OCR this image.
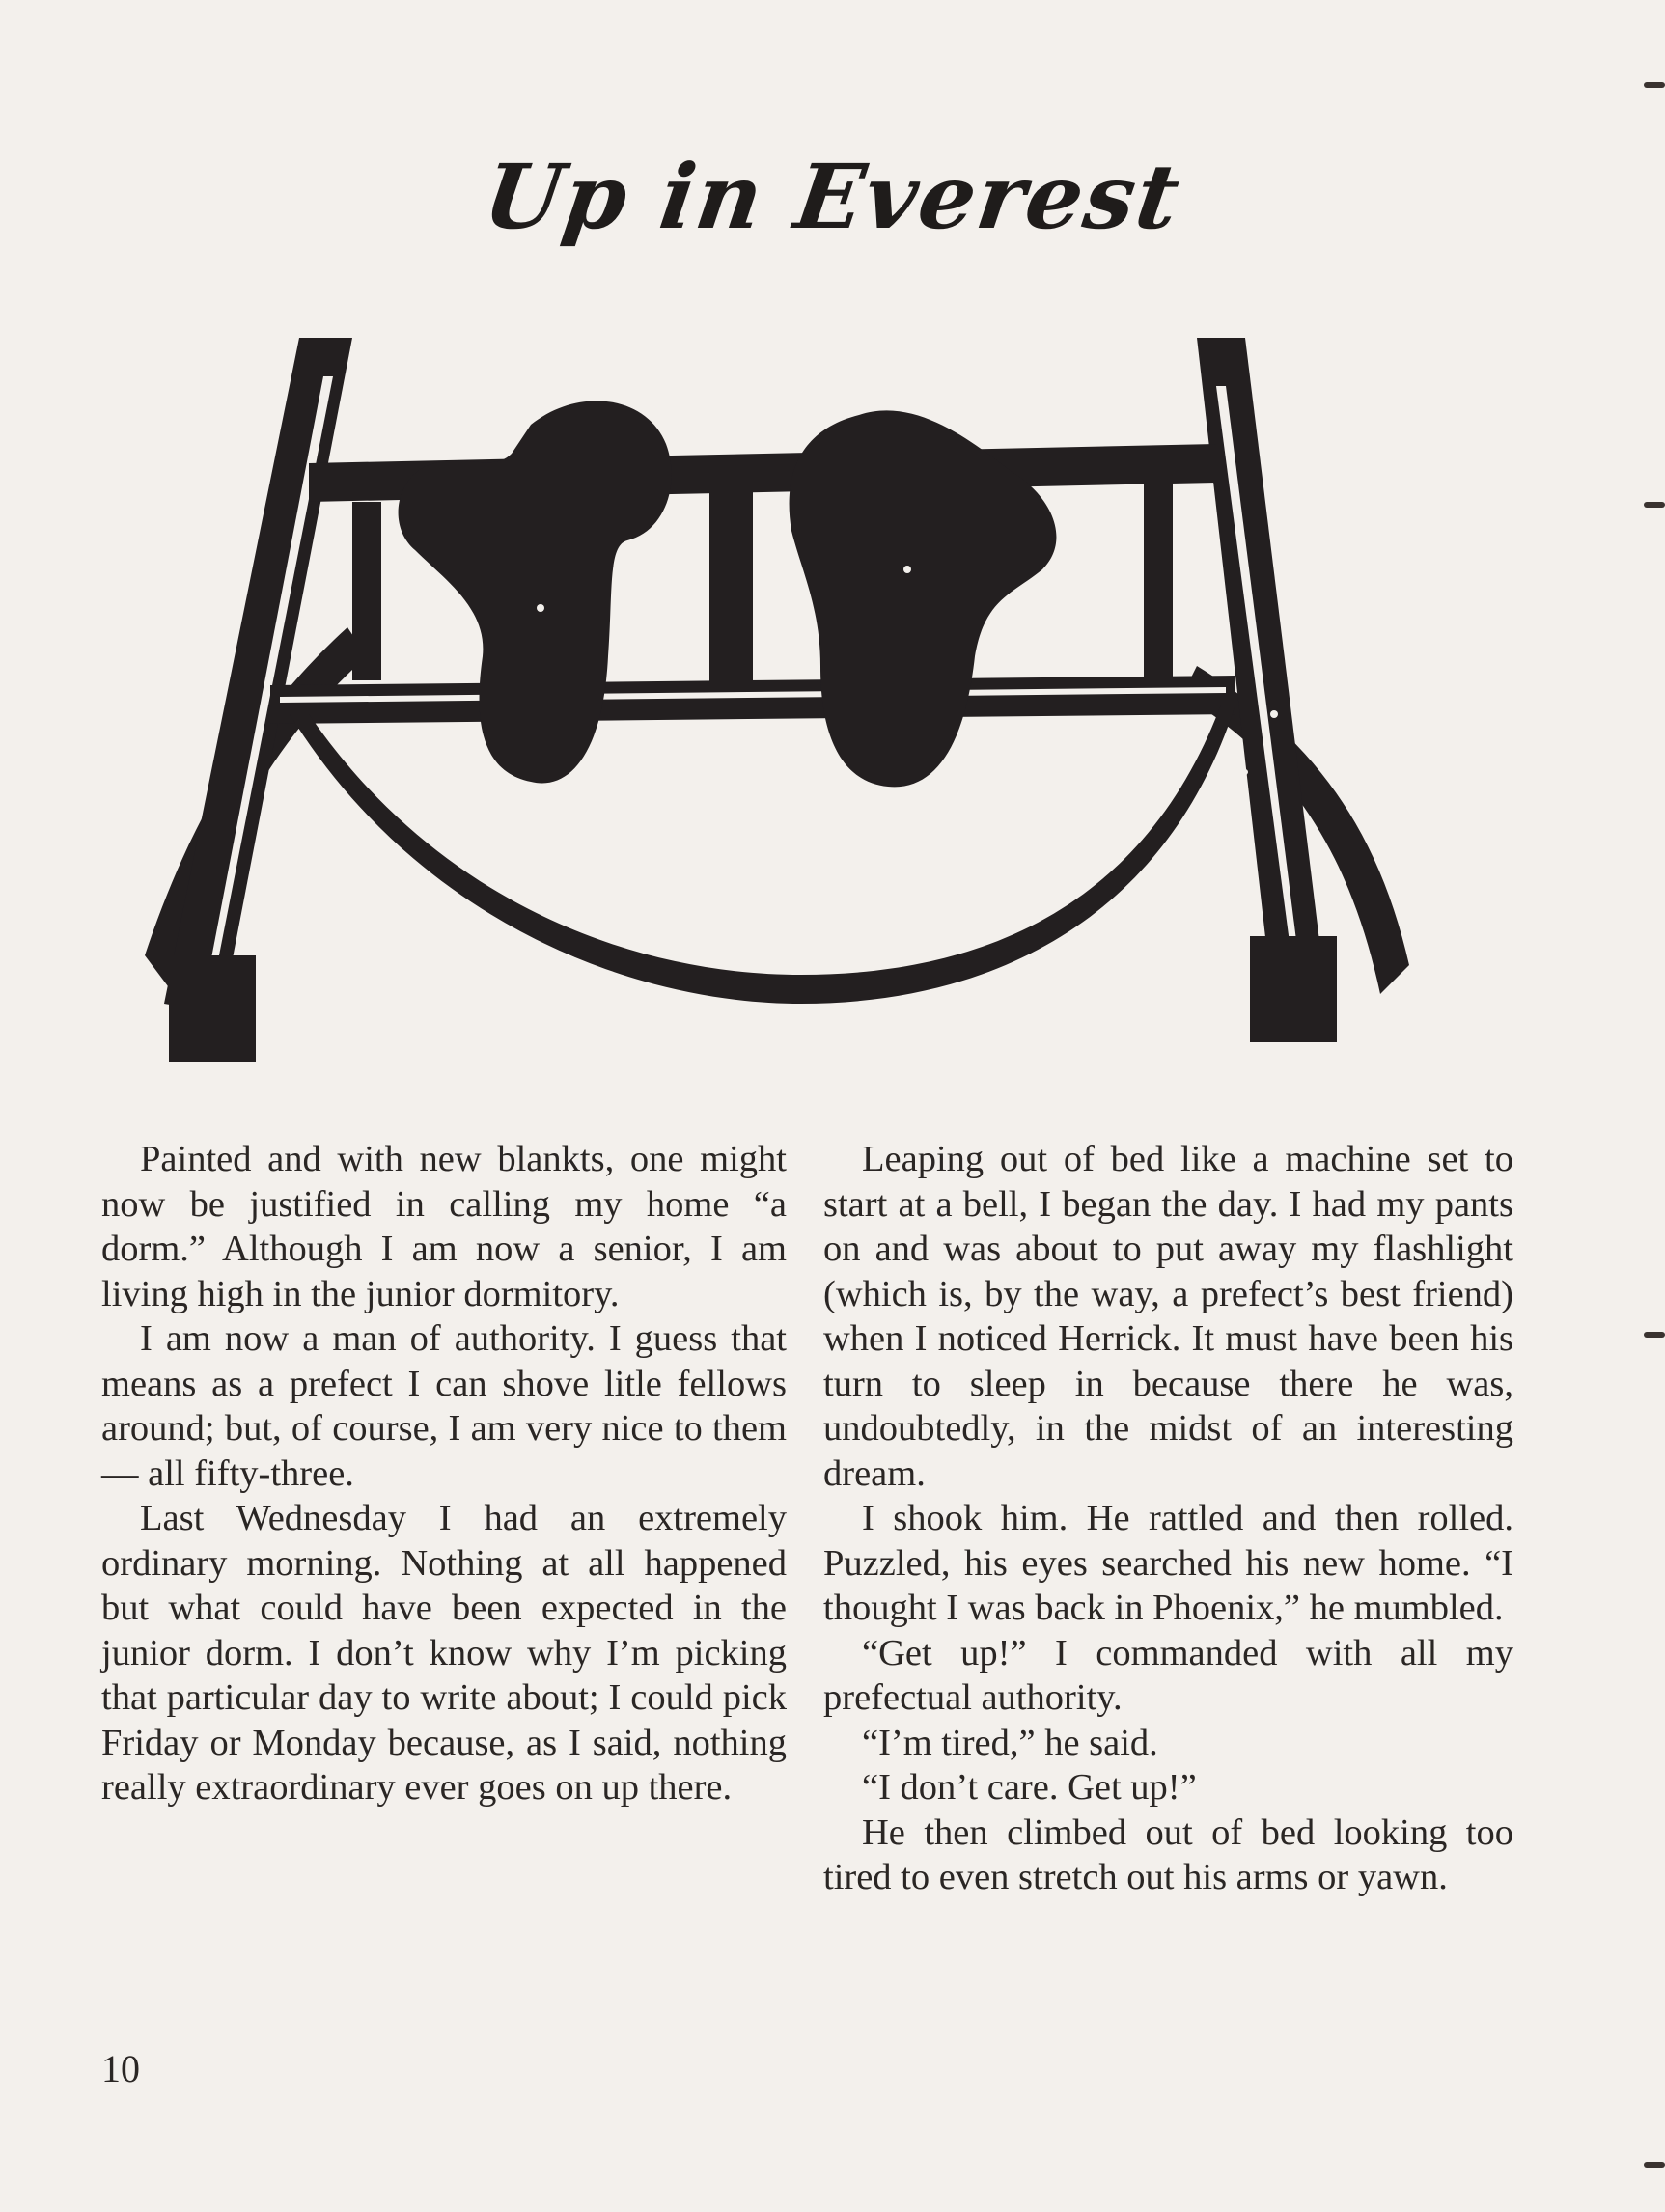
Up in Everest

Painted and with new blankts, one might now be justified in calling my home “a dorm.” Although I am now a senior, I am living high in the junior dormitory.

I am now a man of authority. I guess that means as a prefect I can shove litle fellows around; but, of course, I am very nice to them — all fifty-three.

Last Wednesday I had an extremely ordinary morning. Nothing at all happened but what could have been expected in the junior dorm. I don’t know why I’m picking that particular day to write about; I could pick Friday or Monday because, as I said, nothing really extraordinary ever goes on up there.

Leaping out of bed like a machine set to start at a bell, I began the day. I had my pants on and was about to put away my flashlight (which is, by the way, a prefect’s best friend) when I noticed Herrick. It must have been his turn to sleep in because there he was, undoubtedly, in the midst of an interesting dream.

I shook him. He rattled and then rolled. Puzzled, his eyes searched his new home. “I thought I was back in Phoenix,” he mumbled.

“Get up!” I commanded with all my prefectual authority.

“I’m tired,” he said.

“I don’t care. Get up!”

He then climbed out of bed looking too tired to even stretch out his arms or yawn.

10
